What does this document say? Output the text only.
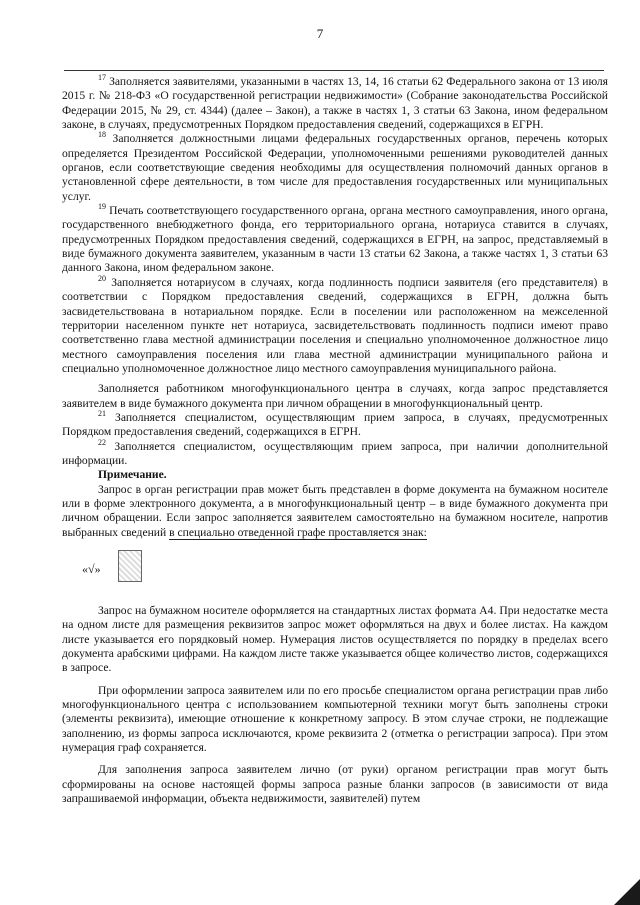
7

$^{17}$ Заполняется заявителями, указанными в частях 13, 14, 16 статьи 62 Федерального закона от 13 июля 2015 г. № 218-ФЗ «О государственной регистрации недвижимости» (Собрание законодательства Российской Федерации 2015, № 29, ст. 4344) (далее – Закон), а также в частях 1, 3 статьи 63 Закона, ином федеральном законе, в случаях, предусмотренных Порядком предоставления сведений, содержащихся в ЕГРН.

$^{18}$ Заполняется должностными лицами федеральных государственных органов, перечень которых определяется Президентом Российской Федерации, уполномоченными решениями руководителей данных органов, если соответствующие сведения необходимы для осуществления полномочий данных органов в установленной сфере деятельности, в том числе для предоставления государственных или муниципальных услуг.

$^{19}$ Печать соответствующего государственного органа, органа местного самоуправления, иного органа, государственного внебюджетного фонда, его территориального органа, нотариуса ставится в случаях, предусмотренных Порядком предоставления сведений, содержащихся в ЕГРН, на запрос, представляемый в виде бумажного документа заявителем, указанным в части 13 статьи 62 Закона, а также частях 1, 3 статьи 63 данного Закона, ином федеральном законе.

$^{20}$ Заполняется нотариусом в случаях, когда подлинность подписи заявителя (его представителя) в соответствии с Порядком предоставления сведений, содержащихся в ЕГРН, должна быть засвидетельствована в нотариальном порядке. Если в поселении или расположенном на межселенной территории населенном пункте нет нотариуса, засвидетельствовать подлинность подписи имеют право соответственно глава местной администрации поселения и специально уполномоченное должностное лицо местного самоуправления поселения или глава местной администрации муниципального района и специально уполномоченное должностное лицо местного самоуправления муниципального района.

Заполняется работником многофункционального центра в случаях, когда запрос представляется заявителем в виде бумажного документа при личном обращении в многофункциональный центр.

$^{21}$ Заполняется специалистом, осуществляющим прием запроса, в случаях, предусмотренных Порядком предоставления сведений, содержащихся в ЕГРН.

$^{22}$ Заполняется специалистом, осуществляющим прием запроса, при наличии дополнительной информации.

Примечание.

Запрос в орган регистрации прав может быть представлен в форме документа на бумажном носителе или в форме электронного документа, а в многофункциональный центр – в виде бумажного документа при личном обращении. Если запрос заполняется заявителем самостоятельно на бумажном носителе, напротив выбранных сведений в специально отведенной графе проставляется знак:

«√»

Запрос на бумажном носителе оформляется на стандартных листах формата А4. При недостатке места на одном листе для размещения реквизитов запрос может оформляться на двух и более листах. На каждом листе указывается его порядковый номер. Нумерация листов осуществляется по порядку в пределах всего документа арабскими цифрами. На каждом листе также указывается общее количество листов, содержащихся в запросе.

При оформлении запроса заявителем или по его просьбе специалистом органа регистрации прав либо многофункционального центра с использованием компьютерной техники могут быть заполнены строки (элементы реквизита), имеющие отношение к конкретному запросу. В этом случае строки, не подлежащие заполнению, из формы запроса исключаются, кроме реквизита 2 (отметка о регистрации запроса). При этом нумерация граф сохраняется.

Для заполнения запроса заявителем лично (от руки) органом регистрации прав могут быть сформированы на основе настоящей формы запроса разные бланки запросов (в зависимости от вида запрашиваемой информации, объекта недвижимости, заявителей) путем
